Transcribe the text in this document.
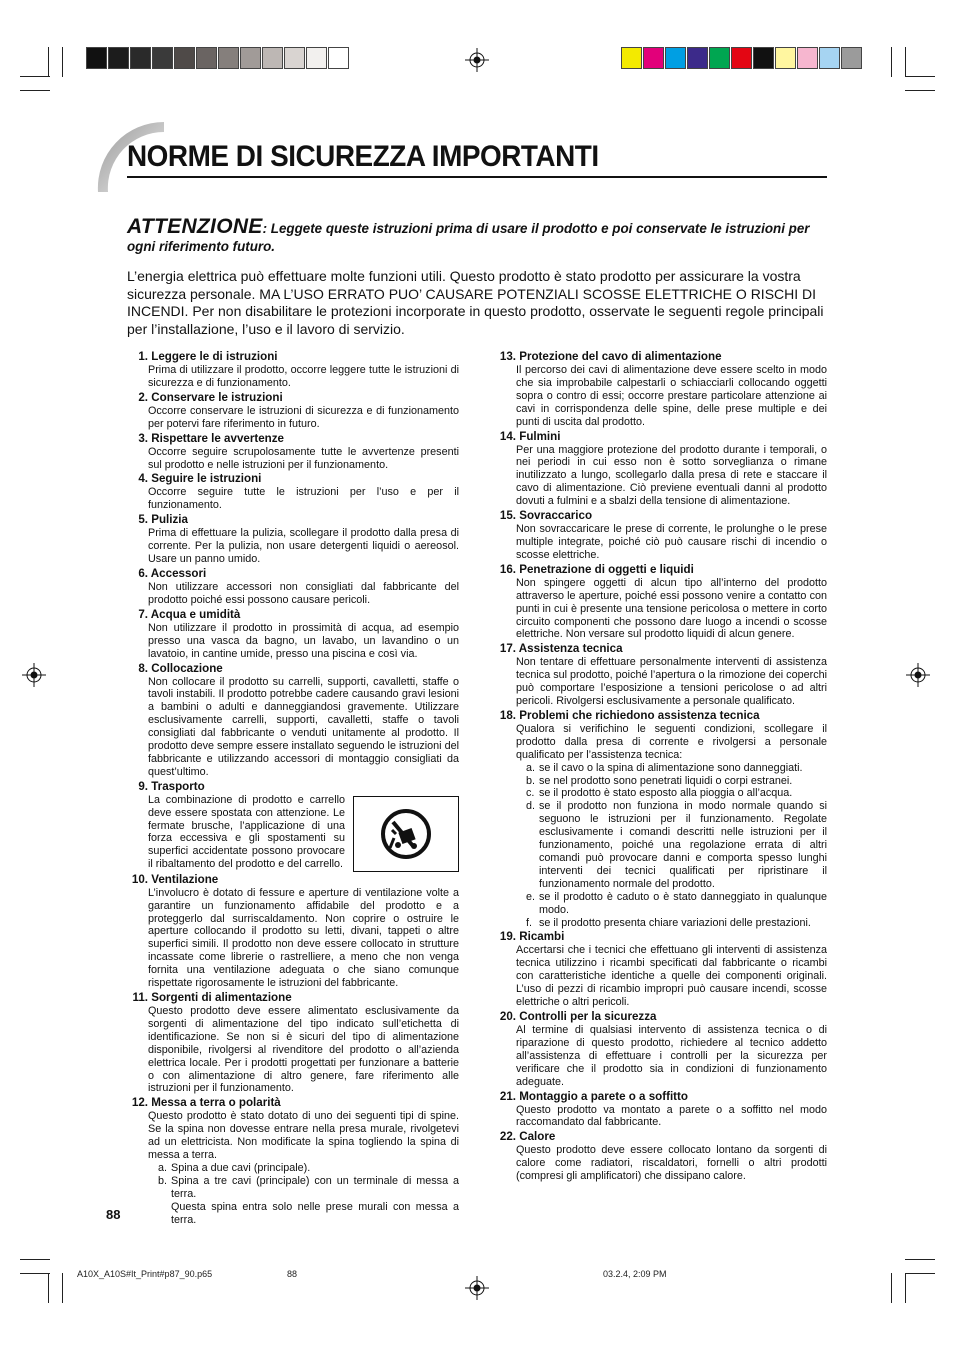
NORME DI SICUREZZA IMPORTANTI
ATTENZIONE: Leggete queste istruzioni prima di usare il prodotto e poi conservate le istruzioni per ogni riferimento futuro.
L’energia elettrica può effettuare molte funzioni utili. Questo prodotto è stato prodotto per assicurare la vostra sicurezza personale. MA L’USO ERRATO PUO’ CAUSARE POTENZIALI SCOSSE ELETTRICHE O RISCHI DI INCENDI. Per non disabilitare le protezioni incorporate in questo prodotto, osservate le seguenti regole principali per l’installazione, l’uso e il lavoro di servizio.
1. Leggere le di istruzioni
Prima di utilizzare il prodotto, occorre leggere tutte le istruzioni di sicurezza e di funzionamento.
2. Conservare le istruzioni
Occorre conservare le istruzioni di sicurezza e di funzionamento per potervi fare riferimento in futuro.
3. Rispettare le avvertenze
Occorre seguire scrupolosamente tutte le avvertenze presenti sul prodotto e nelle istruzioni per il funzionamento.
4. Seguire le istruzioni
Occorre seguire tutte le istruzioni per l’uso e per il funzionamento.
5. Pulizia
Prima di effettuare la pulizia, scollegare il prodotto dalla presa di corrente. Per la pulizia, non usare detergenti liquidi o aereosol. Usare un panno umido.
6. Accessori
Non utilizzare accessori non consigliati dal fabbricante del prodotto poiché essi possono causare pericoli.
7. Acqua e umidità
Non utilizzare il prodotto in prossimità di acqua, ad esempio presso una vasca da bagno, un lavabo, un lavandino o un lavatoio, in cantine umide, presso una piscina e così via.
8. Collocazione
Non collocare il prodotto su carrelli, supporti, cavalletti, staffe o tavoli instabili. Il prodotto potrebbe cadere causando gravi lesioni a bambini o adulti e danneggiandosi gravemente. Utilizzare esclusivamente carrelli, supporti, cavalletti, staffe o tavoli consigliati dal fabbricante o venduti unitamente al prodotto. Il prodotto deve sempre essere installato seguendo le istruzioni del fabbricante e utilizzando accessori di montaggio consigliati da quest’ultimo.
9. Trasporto
La combinazione di prodotto e carrello deve essere spostata con attenzione. Le fermate brusche, l’applicazione di una forza eccessiva e gli spostamenti su superfici accidentate possono provocare il ribaltamento del prodotto e del carrello.
10. Ventilazione
L’involucro è dotato di fessure e aperture di ventilazione volte a garantire un funzionamento affidabile del prodotto e a proteggerlo dal surriscaldamento. Non coprire o ostruire le aperture collocando il prodotto su letti, divani, tappeti o altre superfici simili. Il prodotto non deve essere collocato in strutture incassate come librerie o rastrelliere, a meno che non venga fornita una ventilazione adeguata o che siano comunque rispettate rigorosamente le istruzioni del fabbricante.
11. Sorgenti di alimentazione
Questo prodotto deve essere alimentato esclusivamente da sorgenti di alimentazione del tipo indicato sull’etichetta di identificazione. Se non si è sicuri del tipo di alimentazione disponibile, rivolgersi al rivenditore del prodotto o all’azienda elettrica locale. Per i prodotti progettati per funzionare a batterie o con alimentazione di altro genere, fare riferimento alle istruzioni per il funzionamento.
12. Messa a terra o polarità
Questo prodotto è stato dotato di uno dei seguenti tipi di spine. Se la spina non dovesse entrare nella presa murale, rivolgetevi ad un elettricista. Non modificate la spina togliendo la spina di messa a terra.
a. Spina a due cavi (principale).
b. Spina a tre cavi (principale) con un terminale di messa a terra.
Questa spina entra solo nelle prese murali con messa a terra.
13. Protezione del cavo di alimentazione
Il percorso dei cavi di alimentazione deve essere scelto in modo che sia improbabile calpestarli o schiacciarli collocando oggetti sopra o contro di essi; occorre prestare particolare attenzione ai cavi in corrispondenza delle spine, delle prese multiple e dei punti di uscita dal prodotto.
14. Fulmini
Per una maggiore protezione del prodotto durante i temporali, o nei periodi in cui esso non è sotto sorveglianza o rimane inutilizzato a lungo, scollegarlo dalla presa di rete e staccare il cavo di alimentazione. Ciò previene eventuali danni al prodotto dovuti a fulmini e a sbalzi della tensione di alimentazione.
15. Sovraccarico
Non sovraccaricare le prese di corrente, le prolunghe o le prese multiple integrate, poiché ciò può causare rischi di incendio o scosse elettriche.
16. Penetrazione di oggetti e liquidi
Non spingere oggetti di alcun tipo all’interno del prodotto attraverso le aperture, poiché essi possono venire a contatto con punti in cui è presente una tensione pericolosa o mettere in corto circuito componenti che possono dare luogo a incendi o scosse elettriche. Non versare sul prodotto liquidi di alcun genere.
17. Assistenza tecnica
Non tentare di effettuare personalmente interventi di assistenza tecnica sul prodotto, poiché l’apertura o la rimozione dei coperchi può comportare l’esposizione a tensioni pericolose o ad altri pericoli. Rivolgersi esclusivamente a personale qualificato.
18. Problemi che richiedono assistenza tecnica
Qualora si verifichino le seguenti condizioni, scollegare il prodotto dalla presa di corrente e rivolgersi a personale qualificato per l’assistenza tecnica:
a. se il cavo o la spina di alimentazione sono danneggiati.
b. se nel prodotto sono penetrati liquidi o corpi estranei.
c. se il prodotto è stato esposto alla pioggia o all’acqua.
d. se il prodotto non funziona in modo normale quando si seguono le istruzioni per il funzionamento. Regolate esclusivamente i comandi descritti nelle istruzioni per il funzionamento, poiché una regolazione errata di altri comandi può provocare danni e comporta spesso lunghi interventi dei tecnici qualificati per ripristinare il funzionamento normale del prodotto.
e. se il prodotto è caduto o è stato danneggiato in qualunque modo.
f. se il prodotto presenta chiare variazioni delle prestazioni.
19. Ricambi
Accertarsi che i tecnici che effettuano gli interventi di assistenza tecnica utilizzino i ricambi specificati dal fabbricante o ricambi con caratteristiche identiche a quelle dei componenti originali. L’uso di pezzi di ricambio impropri può causare incendi, scosse elettriche o altri pericoli.
20. Controlli per la sicurezza
Al termine di qualsiasi intervento di assistenza tecnica o di riparazione di questo prodotto, richiedere al tecnico addetto all’assistenza di effettuare i controlli per la sicurezza per verificare che il prodotto sia in condizioni di funzionamento adeguate.
21. Montaggio a parete o a soffitto
Questo prodotto va montato a parete o a soffitto nel modo raccomandato dal fabbricante.
22. Calore
Questo prodotto deve essere collocato lontano da sorgenti di calore come radiatori, riscaldatori, fornelli o altri prodotti (compresi gli amplificatori) che dissipano calore.
88
A10X_A10S#It_Print#p87_90.p65	88	03.2.4, 2:09 PM
